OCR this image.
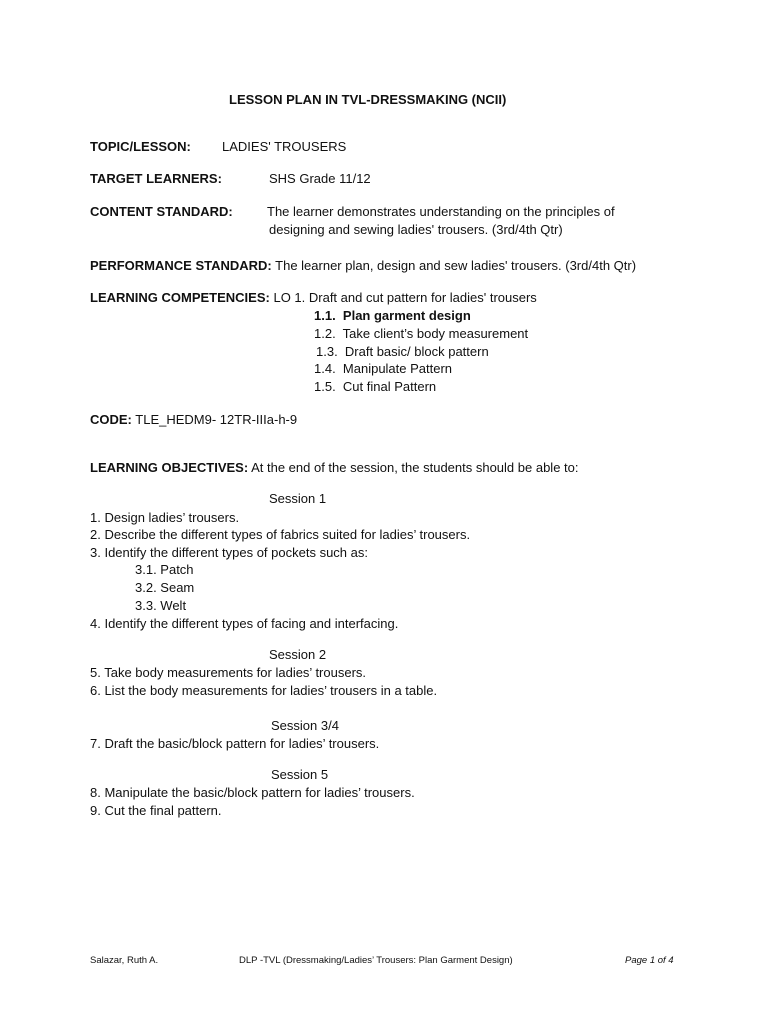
LESSON PLAN IN TVL-DRESSMAKING (NCII)
TOPIC/LESSON: LADIES' TROUSERS
TARGET LEARNERS:	SHS Grade 11/12
CONTENT STANDARD:	The learner demonstrates understanding on the principles of
designing and sewing ladies' trousers. (3rd/4th Qtr)
PERFORMANCE STANDARD: The learner plan, design and sew ladies' trousers. (3rd/4th Qtr)
LEARNING COMPETENCIES: LO 1. Draft and cut pattern for ladies' trousers
1.1.  Plan garment design
1.2.  Take client’s body measurement
1.3.  Draft basic/ block pattern
1.4.  Manipulate Pattern
1.5.  Cut final Pattern
CODE: TLE_HEDM9- 12TR-IIIa-h-9
LEARNING OBJECTIVES: At the end of the session, the students should be able to:
Session 1
1. Design ladies’ trousers.
2. Describe the different types of fabrics suited for ladies’ trousers.
3. Identify the different types of pockets such as:
3.1. Patch
3.2. Seam
3.3. Welt
4. Identify the different types of facing and interfacing.
Session 2
5. Take body measurements for ladies’ trousers.
6. List the body measurements for ladies’ trousers in a table.
Session 3/4
7. Draft the basic/block pattern for ladies’ trousers.
Session 5
8. Manipulate the basic/block pattern for ladies’ trousers.
9. Cut the final pattern.
Salazar, Ruth A.	DLP -TVL (Dressmaking/Ladies’ Trousers: Plan Garment Design)	Page 1 of 4
